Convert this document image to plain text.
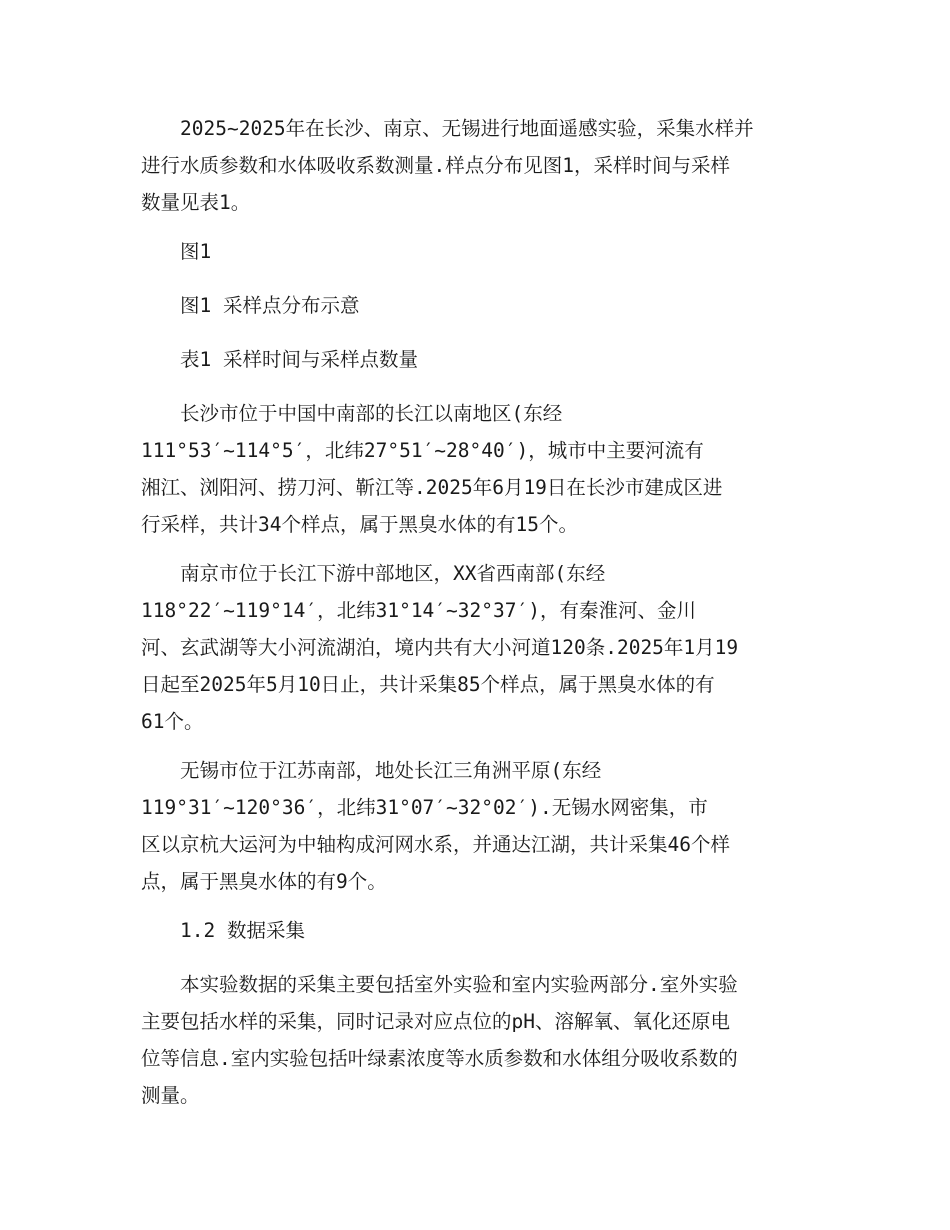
2025~2025年在长沙、南京、无锡进行地面遥感实验，采集水样并
进行水质参数和水体吸收系数测量.样点分布见图1，采样时间与采样
数量见表1。
图1
图1 采样点分布示意
表1 采样时间与采样点数量
长沙市位于中国中南部的长江以南地区(东经
111°53′~114°5′，北纬27°51′~28°40′)，城市中主要河流有
湘江、浏阳河、捞刀河、靳江等.2025年6月19日在长沙市建成区进
行采样，共计34个样点，属于黑臭水体的有15个。
南京市位于长江下游中部地区，XX省西南部(东经
118°22′~119°14′，北纬31°14′~32°37′)，有秦淮河、金川
河、玄武湖等大小河流湖泊，境内共有大小河道120条.2025年1月19
日起至2025年5月10日止，共计采集85个样点，属于黑臭水体的有
61个。
无锡市位于江苏南部，地处长江三角洲平原(东经
119°31′~120°36′，北纬31°07′~32°02′).无锡水网密集，市
区以京杭大运河为中轴构成河网水系，并通达江湖，共计采集46个样
点，属于黑臭水体的有9个。
1.2 数据采集
本实验数据的采集主要包括室外实验和室内实验两部分.室外实验
主要包括水样的采集，同时记录对应点位的pH、溶解氧、氧化还原电
位等信息.室内实验包括叶绿素浓度等水质参数和水体组分吸收系数的
测量。
